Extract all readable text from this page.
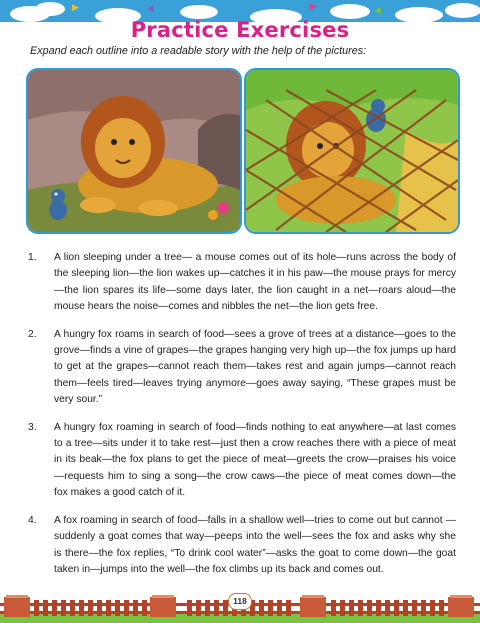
▶	◀	▶	◀
Practice Exercises

Expand each outline into a readable story with the help of the pictures:

1.	A lion sleeping under a tree— a mouse comes out of its hole—runs across the body of the sleeping lion—the lion wakes up—catches it in his paw—the mouse prays for mercy—the lion spares its life—some days later, the lion caught in a net—roars aloud—the mouse hears the noise—comes and nibbles the net—the lion gets free.
2.	A hungry fox roams in search of food—sees a grove of trees at a distance—goes to the grove—finds a vine of grapes—the grapes hanging very high up—the fox jumps up hard to get at the grapes—cannot reach them—takes rest and again jumps—cannot reach them—feels tired—leaves trying anymore—goes away saying, “These grapes must be very sour.”
3.	A hungry fox roaming in search of food—finds nothing to eat anywhere—at last comes to a tree—sits under it to take rest—just then a crow reaches there with a piece of meat in its beak—the fox plans to get the piece of meat—greets the crow—praises his voice—requests him to sing a song—the crow caws—the piece of meat comes down—the fox makes a good catch of it.
4.	A fox roaming in search of food—falls in a shallow well—tries to come out but cannot —suddenly a goat comes that way—peeps into the well—sees the fox and asks why she is there—the fox replies, “To drink cool water”—asks the goat to come down—the goat taken in—jumps into the well—the fox climbs up its back and comes out.
118
